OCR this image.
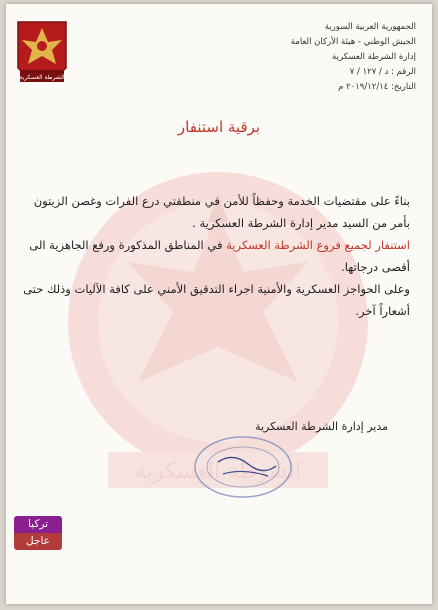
الشرطة العسكرية
الشرطة العسكرية
الجمهورية العربية السورية
الجيش الوطني - هيئة الأركان العامة
إدارة الشرطة العسكرية
الرقم : د / ١٢٧ / ٧
التاريخ: ٢٠١٩/١٢/١٤ م
برقية استنفار

بناءً على مقتضيات الخدمة وحفظاً للأمن في منطقتي درع الفرات وغصن الزيتون

بأمر من السيد مدير إدارة الشرطة العسكرية .

استنفار لجميع فروع الشرطة العسكرية في المناطق المذكورة ورفع الجاهزية الى أقصى درجاتها.

وعلى الحواجز العسكرية والأمنية اجراء التدقيق الأمني على كافة الآليات وذلك حتى أشعاراً آخر.

مدير إدارة الشرطة العسكرية
تركيا
عاجل
